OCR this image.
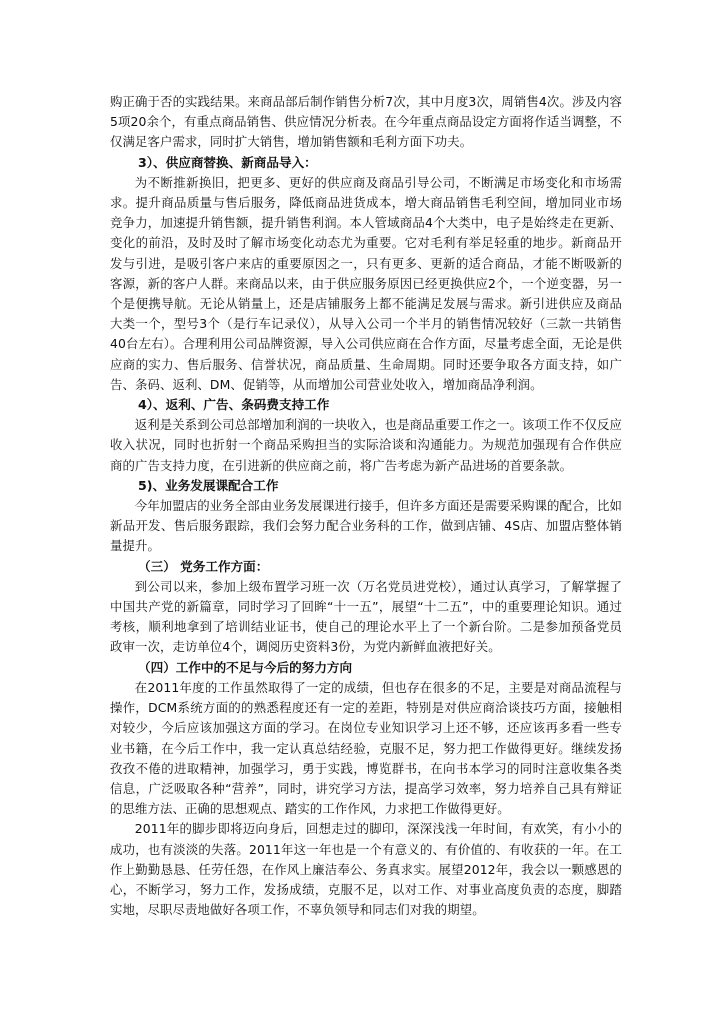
购正确于否的实践结果。来商品部后制作销售分析7次，其中月度3次，周销售4次。涉及内容5项20余个，有重点商品销售、供应情况分析表。在今年重点商品设定方面将作适当调整，不仅满足客户需求，同时扩大销售，增加销售额和毛利方面下功夫。

3）、供应商替换、新商品导入：

为不断推新换旧，把更多、更好的供应商及商品引导公司，不断满足市场变化和市场需求。提升商品质量与售后服务，降低商品进货成本，增大商品销售毛利空间，增加同业市场竞争力，加速提升销售额，提升销售利润。本人管域商品4个大类中，电子是始终走在更新、变化的前沿，及时及时了解市场变化动态尤为重要。它对毛利有举足轻重的地步。新商品开发与引进，是吸引客户来店的重要原因之一，只有更多、更新的适合商品，才能不断吸新的客源，新的客户人群。来商品以来，由于供应服务原因已经更换供应2个，一个逆变器，另一个是便携导航。无论从销量上，还是店铺服务上都不能满足发展与需求。新引进供应及商品大类一个，型号3个（是行车记录仪），从导入公司一个半月的销售情况较好（三款一共销售40台左右）。合理利用公司品牌资源，导入公司供应商在合作方面，尽量考虑全面，无论是供应商的实力、售后服务、信誉状况，商品质量、生命周期。同时还要争取各方面支持，如广告、条码、返利、DM、促销等，从而增加公司营业处收入，增加商品净利润。

4）、返利、广告、条码费支持工作

返利是关系到公司总部增加利润的一块收入，也是商品重要工作之一。该项工作不仅反应收入状况，同时也折射一个商品采购担当的实际洽谈和沟通能力。为规范加强现有合作供应商的广告支持力度，在引进新的供应商之前，将广告考虑为新产品进场的首要条款。

5)、业务发展课配合工作

今年加盟店的业务全部由业务发展课进行接手，但许多方面还是需要采购课的配合，比如新品开发、售后服务跟踪，我们会努力配合业务科的工作，做到店铺、4S店、加盟店整体销量提升。

（三） 党务工作方面：

到公司以来，参加上级布置学习班一次（万名党员进党校），通过认真学习，了解掌握了中国共产党的新篇章，同时学习了回眸“十一五”，展望“十二五”，中的重要理论知识。通过考核，顺利地拿到了培训结业证书，使自己的理论水平上了一个新台阶。二是参加预备党员政审一次，走访单位4个，调阅历史资料3份，为党内新鲜血液把好关。

（四）工作中的不足与今后的努力方向

在2011年度的工作虽然取得了一定的成绩，但也存在很多的不足，主要是对商品流程与操作，DCM系统方面的的熟悉程度还有一定的差距，特别是对供应商洽谈技巧方面，接触相对较少，今后应该加强这方面的学习。在岗位专业知识学习上还不够，还应该再多看一些专业书籍，在今后工作中，我一定认真总结经验，克服不足，努力把工作做得更好。继续发扬孜孜不倦的进取精神，加强学习，勇于实践，博览群书，在向书本学习的同时注意收集各类信息，广泛吸取各种“营养”，同时，讲究学习方法，提高学习效率，努力培养自己具有辩证的思维方法、正确的思想观点、踏实的工作作风，力求把工作做得更好。

2011年的脚步即将迈向身后，回想走过的脚印，深深浅浅一年时间，有欢笑，有小小的成功，也有淡淡的失落。2011年这一年也是一个有意义的、有价值的、有收获的一年。在工作上勤勤恳恳、任劳任怨，在作风上廉洁奉公、务真求实。展望2012年，我会以一颗感恩的心，不断学习，努力工作，发扬成绩，克服不足，以对工作、对事业高度负责的态度，脚踏实地，尽职尽责地做好各项工作，不辜负领导和同志们对我的期望。
